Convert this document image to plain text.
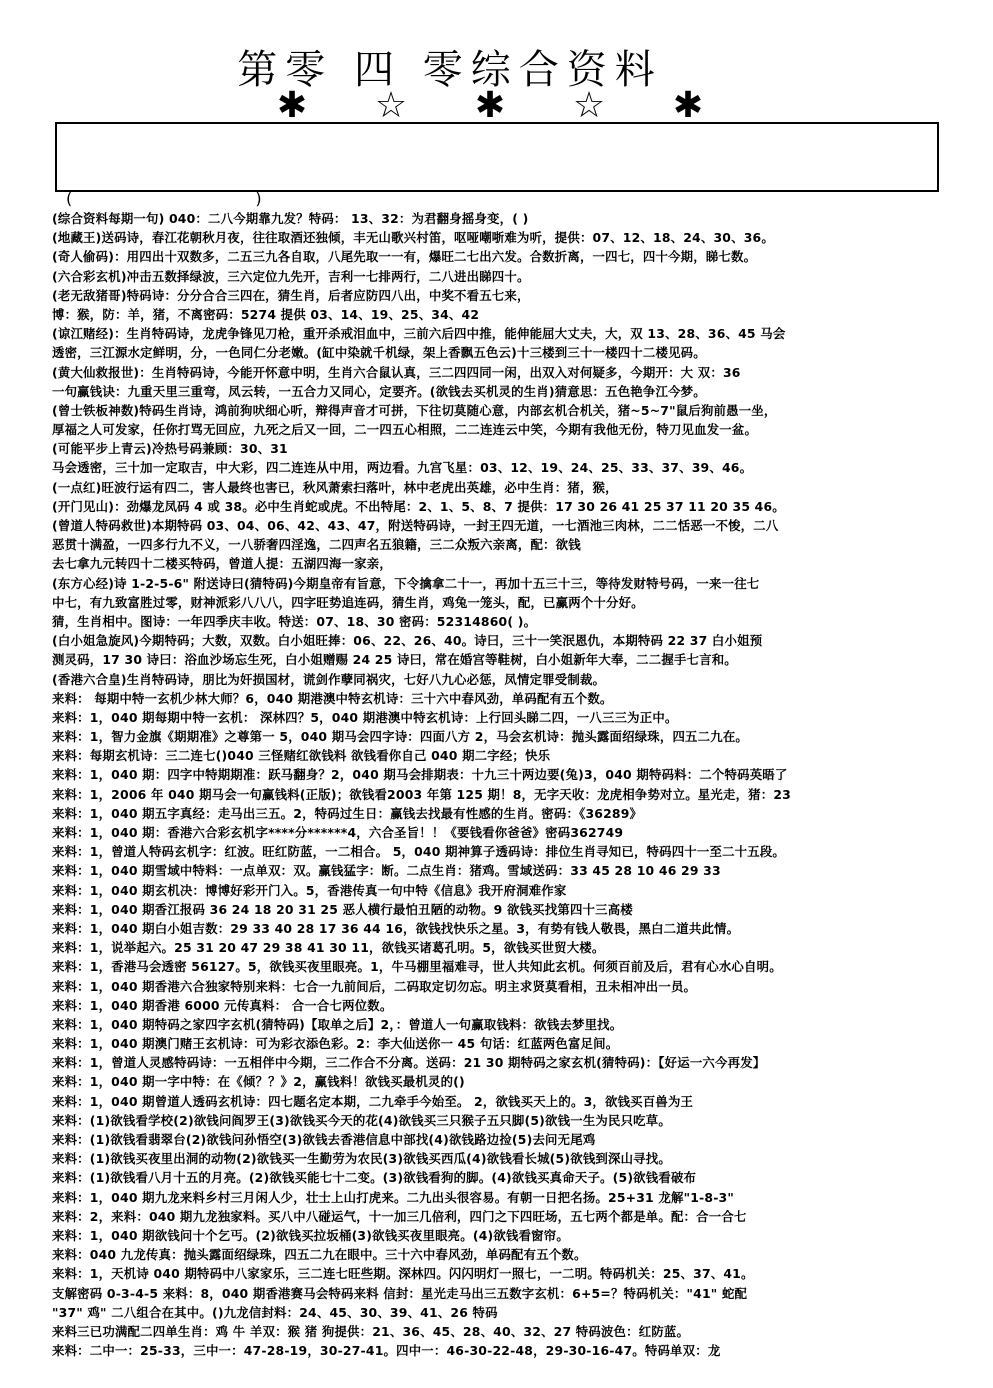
第零 四 零综合资料
✱ ☆ ✱ ☆ ✱
(                                    )
(综合资料每期一句) 040：二八今期靠九发？特码： 13、32：为君翻身摇身变，( )
(地藏王)送码诗，春江花朝秋月夜，往往取酒还独倾，丰无山歌兴村笛，呕哑嘲哳难为听，提供：07、12、18、24、30、36。
(奇人偷码)：用四出十双数多，二五三九各自取，八尾先取一一有，爆旺二七出六发。合数折离，一四七，四十今期，睇七数。
(六合彩玄机)冲击五数择绿波，三六定位九先开，吉利一七排两行，二八进出睇四十。
(老无敌猪哥)特码诗：分分合合三四在，猜生肖，后者应防四八出，中奖不看五七来，
博：猴，防：羊，猪，不离密码：5274 提供 03、14、19、25、34、42
(谅江赌经)：生肖特码诗，龙虎争锋见刀枪，重开杀戒泪血中，三前六后四中推，能伸能屈大丈夫，大，双 13、28、36、45 马会
透密，三江源水定鲜明，分，一色同仁分老嫩。(缸中染就千机绿，架上香飘五色云)十三楼到三十一楼四十二楼见码。
(黄大仙救报世)：生肖特码诗，今能开怀意中明，生肖六合鼠认真，三二四四同一闲，出双入对何疑多，今期开：大 双：36
一句赢钱诀：九重天里三重弯，凤云转，一五合力又同心，定要齐。(欲钱去买机灵的生肖)猜意思：五色艳争江今梦。
(曾士铁板神数)特码生肖诗，鸿前狗吠细心听，辩得声音才可拼，下往切莫随心意，内部玄机合机关，猪~5~7"鼠后狗前愚一坐，
厚福之人可发家，任你打骂无回应，九死之后又一回，二一四五心相照，二二连连云中笑，今期有我他无份，特刀见血发一盆。
(可能平步上青云)冷热号码兼顾：30、31
马会透密，三十加一定取吉，中大彩，四二连连从中用，两边看。九宫飞星：03、12、19、24、25、33、37、39、46。
(一点红)旺波行运有四二，害人最终也害已，秋风萧索扫落叶，林中老虎出英雄，必中生肖：猪，猴，
(开门见山)：劲爆龙凤码 4 或 38。必中生肖蛇或虎。不出特尾：2、1、5、8、7 提供：17 30 26 41 25 37 11 20 35 46。
(曾道人特码救世)本期特码 03、04、06、42、43、47，附送特码诗，一封王四无道，一七酒池三肉林，二二恬恶一不悛，二八
恶贯十满盈，一四多行九不义，一八骄奢四淫逸，二四声名五狼籍，三二众叛六亲离，配：欲钱
去七拿九元转四十二楼买特码，曾道人提：五湖四海一家亲，
(东方心经)诗 1-2-5-6" 附送诗曰(猜特码)今期皇帝有旨意，下令擒拿二十一，再加十五三十三，等待发财特号码，一来一往七
中七，有九致富胜过零，财神派彩八八八，四字旺势追连码，猜生肖，鸡兔一笼头，配，已赢两个十分好。
猜，生肖相中。图诗：一年四季庆丰收。特送：07、18、30 密码：52314860( )。
(白小姐急旋风)今期特码；大数，双数。白小姐旺捧：06、22、26、40。诗曰，三十一笑泯恩仇，本期特码 22 37 白小姐预
测灵码，17 30 诗曰：浴血沙场忘生死，白小姐赠赐 24 25 诗曰，常在婚宫等鞋树，白小姐新年大奉，二二握手七言和。
(香港六合皇)生肖特码诗，朋比为奸损国材，谎剑作孽同祸灾，七好八九心必惩，凤情定罪受制裁。
来料： 每期中特一玄机少林大师？6，040 期港澳中特玄机诗：三十六中春风劲，单码配有五个数。
来料：1，040 期每期中特一玄机： 深林四？5，040 期港澳中特玄机诗：上行回头睇二四，一八三三为正中。
来料：1，智力金旗《期期准》之尊第一 5，040 期马会四字诗：四面八方 2，马会玄机诗：抛头露面绍绿珠，四五二九在。
来料：每期玄机诗：三二连七()040 三怪赌红欲钱料 欲钱看你自己 040 期二字经；快乐
来料：1，040 期：四字中特期期准：跃马翻身？2，040 期马会排期表：十九三十两边要(兔)3，040 期特码料：二个特码英晤了
来料：1，2006 年 040 期马会一句赢钱料(正版)；欲钱看2003 年第 125 期！8，无字天收：龙虎相争势对立。星光走，猪：23
来料：1，040 期五字真经：走马出三五。2，特码过生日：赢钱去找最有性感的生肖。密码：《36289》
来料：1，040 期：香港六合彩玄机字****分******4，六合圣旨！！《要钱看你爸爸》密码362749
来料：1，曾道人特码玄机字：红波。旺红防蓝，一二相合。 5，040 期神算子透码诗：排位生肖寻知已，特码四十一至二十五段。
来料：1，040 期雪域中特料：一点单双：双。赢钱猛字：断。二点生肖：猪鸡。雪域送码：33 45 28 10 46 29 33
来料：1，040 期玄机决：博博好彩开门入。5，香港传真一句中特《信息》我开府洞难作家
来料：1，040 期香江报码 36 24 18 20 31 25 恶人横行最怕丑陋的动物。9 欲钱买找第四十三高楼
来料：1，040 期白小姐吉数：29 33 40 28 17 36 44 16，欲钱找快乐之星。3，有势有钱人敬畏，黑白二道共此情。
来料：1，说举起六。25 31 20 47 29 38 41 30 11，欲钱买诸葛孔明。5，欲钱买世贸大楼。
来料：1，香港马会透密 56127。5，欲钱买夜里眼亮。1，牛马棚里福难寻，世人共知此玄机。何须百前及后，君有心水心自明。
来料：1，040 期香港六合独家特别来料：七合一九前间后，二码取定切勿忘。明主求贤莫看相，丑未相冲出一员。
来料：1，040 期香港 6000 元传真料： 合一合七两位数。
来料：1，040 期特码之家四字玄机(猜特码)【取单之后】2，：曾道人一句赢取钱料：欲钱去梦里找。
来料：1，040 期澳门赌王玄机诗：可为彩衣添色彩。2：李大仙送你一 45 句话：红蓝两色富足间。
来料：1，曾道人灵感特码诗：一五相伴中今期，三二作合不分离。送码：21 30 期特码之家玄机(猜特码)：【好运一六今再发】
来料：1，040 期一字中特：在《倾？？》2，赢钱料！欲钱买最机灵的()
来料：1，040 期曾道人透码玄机诗：四七题名定本期，二九牵手今始至。 2，欲钱买天上的。3，欲钱买百兽为王
来料：(1)欲钱看学校(2)欲钱问阎罗王(3)欲钱买今天的花(4)欲钱买三只猴子五只脚(5)欲钱一生为民只吃草。
来料：(1)欲钱看翡翠台(2)欲钱问孙悟空(3)欲钱去香港信息中部找(4)欲钱路边捡(5)去问无尾鸡
来料：(1)欲钱买夜里出洞的动物(2)欲钱买一生勤劳为农民(3)欲钱买西瓜(4)欲钱看长城(5)欲钱到深山寻找。
来料：(1)欲钱看八月十五的月亮。(2)欲钱买能七十二变。(3)欲钱看狗的脚。(4)欲钱买真命天子。(5)欲钱看破布
来料：1，040 期九龙来料乡村三月闲人少，壮士上山打虎来。二九出头很容易。有朝一日把名扬。25+31 龙解"1-8-3"
来料：2，来料：040 期九龙独家料。买八中八碰运气，十一加三几倍利，四门之下四旺场，五七两个都是单。配：合一合七
来料：1，040 期欲钱问十个乞丐。(2)欲钱买拉坂桶(3)欲钱买夜里眼亮。(4)欲钱看窗帘。
来料：040 九龙传真：抛头露面绍绿珠，四五二九在眼中。三十六中春风劲，单码配有五个数。
来料：1，天机诗 040 期特码中八家家乐，三二连七旺些期。深林四。闪闪明灯一照七，一二明。特码机关：25、37、41。
支解密码 0-3-4-5 来料：8，040 期香港赛马会特码来料 信封：星光走马出三五数字玄机：6+5=？特码机关："41" 蛇配
"37" 鸡" 二八组合在其中。()九龙信封料：24、45、30、39、41、26 特码
来料三已功满配二四单生肖：鸡 牛 羊双：猴 猪 狗提供：21、36、45、28、40、32、27 特码波色：红防蓝。
来料：二中一：25-33，三中一：47-28-19，30-27-41。四中一：46-30-22-48，29-30-16-47。特码单双：龙
